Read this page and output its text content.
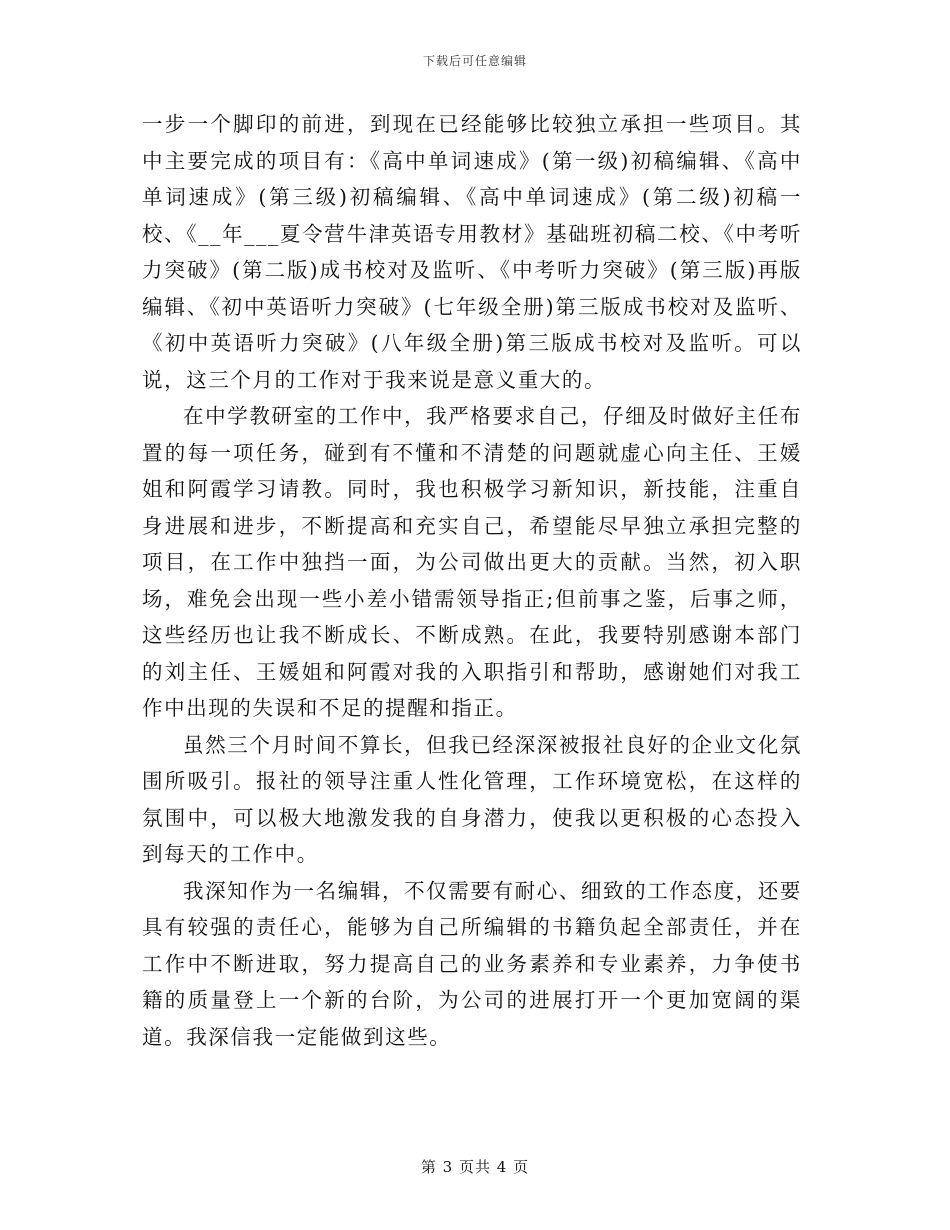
下载后可任意编辑

一步一个脚印的前进，到现在已经能够比较独立承担一些项目。其中主要完成的项目有：《高中单词速成》(第一级)初稿编辑、《高中单词速成》(第三级)初稿编辑、《高中单词速成》(第二级)初稿一校、《__年___夏令营牛津英语专用教材》基础班初稿二校、《中考听力突破》(第二版)成书校对及监听、《中考听力突破》(第三版)再版编辑、《初中英语听力突破》(七年级全册)第三版成书校对及监听、《初中英语听力突破》(八年级全册)第三版成书校对及监听。可以说，这三个月的工作对于我来说是意义重大的。

在中学教研室的工作中，我严格要求自己，仔细及时做好主任布置的每一项任务，碰到有不懂和不清楚的问题就虚心向主任、王媛姐和阿霞学习请教。同时，我也积极学习新知识，新技能，注重自身进展和进步，不断提高和充实自己，希望能尽早独立承担完整的项目，在工作中独挡一面，为公司做出更大的贡献。当然，初入职场，难免会出现一些小差小错需领导指正;但前事之鉴，后事之师，这些经历也让我不断成长、不断成熟。在此，我要特别感谢本部门的刘主任、王媛姐和阿霞对我的入职指引和帮助，感谢她们对我工作中出现的失误和不足的提醒和指正。

虽然三个月时间不算长，但我已经深深被报社良好的企业文化氛围所吸引。报社的领导注重人性化管理，工作环境宽松，在这样的氛围中，可以极大地激发我的自身潜力，使我以更积极的心态投入到每天的工作中。

我深知作为一名编辑，不仅需要有耐心、细致的工作态度，还要具有较强的责任心，能够为自己所编辑的书籍负起全部责任，并在工作中不断进取，努力提高自己的业务素养和专业素养，力争使书籍的质量登上一个新的台阶，为公司的进展打开一个更加宽阔的渠道。我深信我一定能做到这些。

第 3 页共 4 页
